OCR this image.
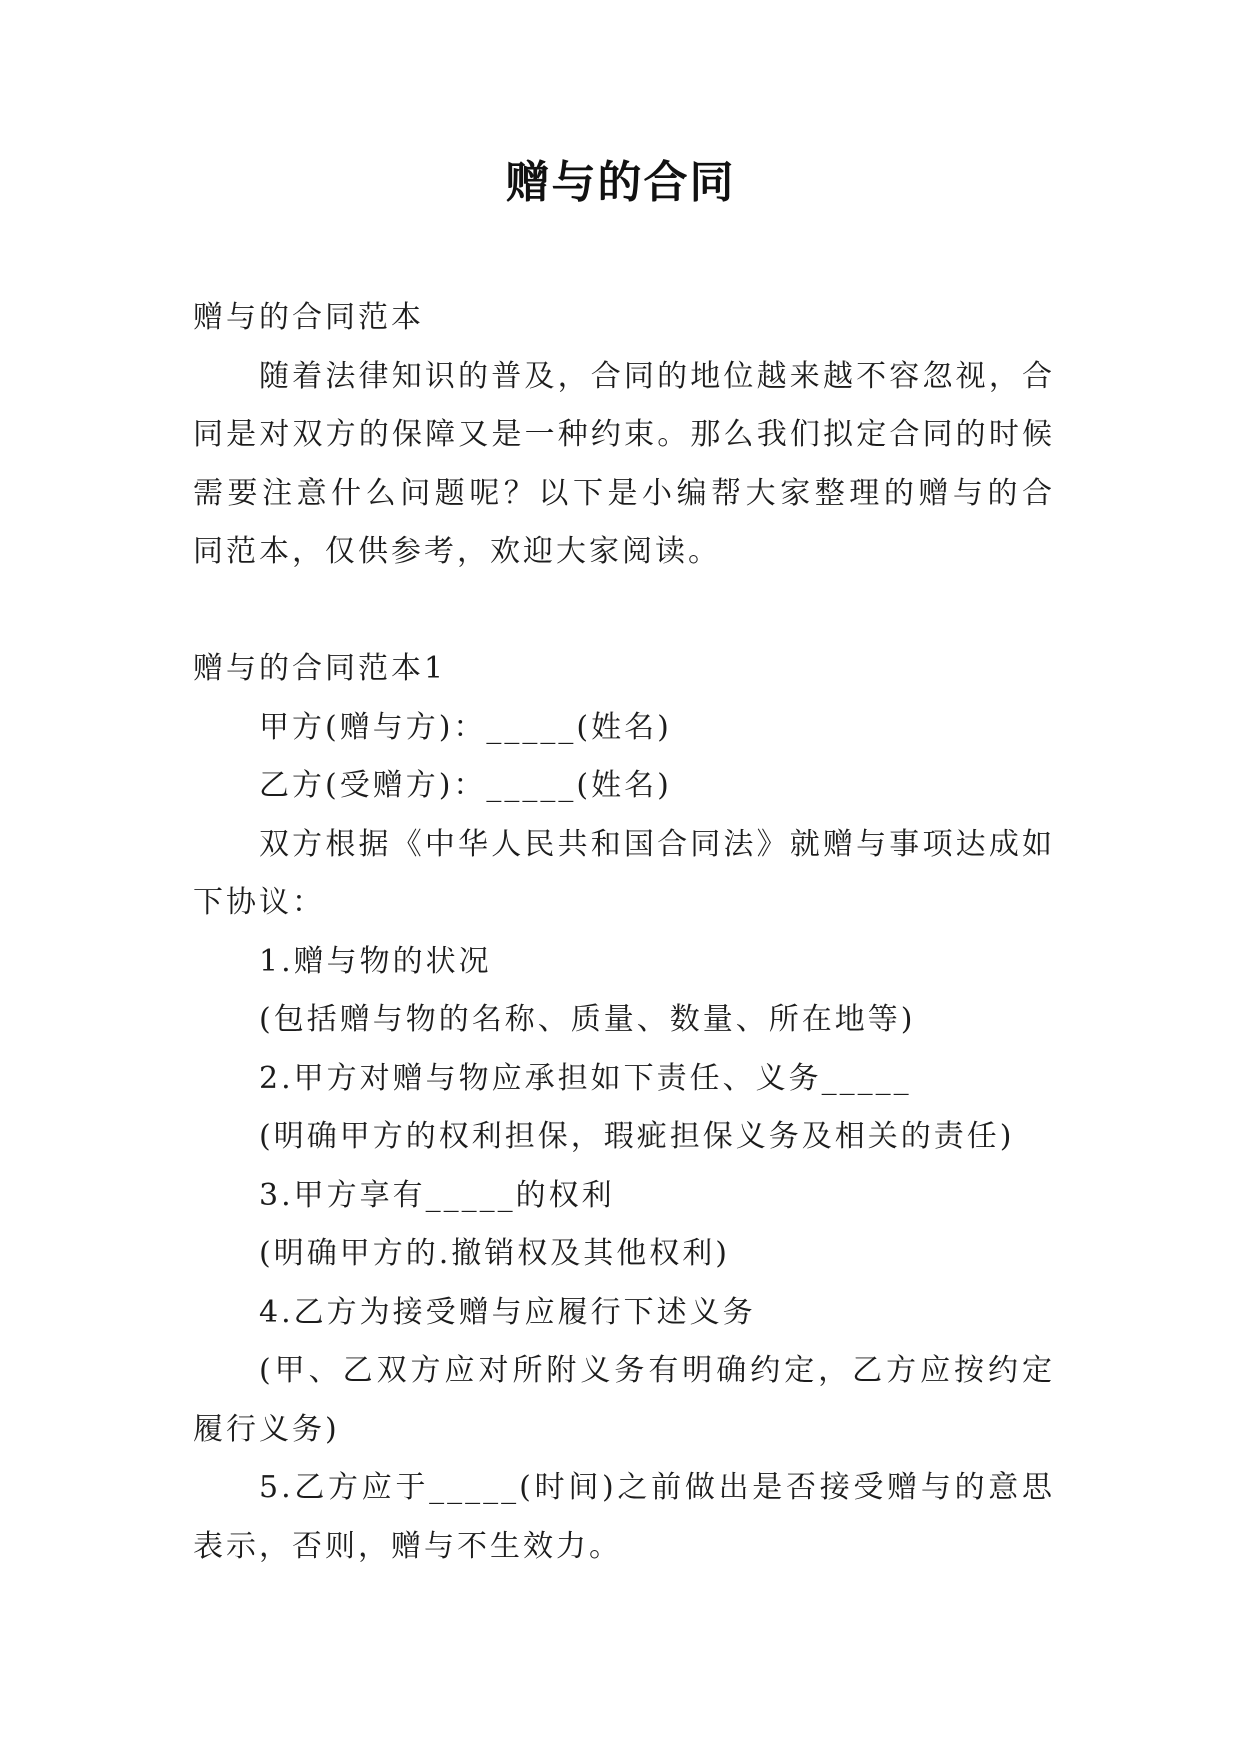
赠与的合同
赠与的合同范本
随着法律知识的普及，合同的地位越来越不容忽视，合
同是对双方的保障又是一种约束。那么我们拟定合同的时候
需要注意什么问题呢？以下是小编帮大家整理的赠与的合
同范本，仅供参考，欢迎大家阅读。
赠与的合同范本1
甲方(赠与方)：_____(姓名)
乙方(受赠方)：_____(姓名)
双方根据《中华人民共和国合同法》就赠与事项达成如
下协议：
1.赠与物的状况
(包括赠与物的名称、质量、数量、所在地等)
2.甲方对赠与物应承担如下责任、义务_____
(明确甲方的权利担保，瑕疵担保义务及相关的责任)
3.甲方享有_____的权利
(明确甲方的.撤销权及其他权利)
4.乙方为接受赠与应履行下述义务
(甲、乙双方应对所附义务有明确约定，乙方应按约定
履行义务)
5.乙方应于_____(时间)之前做出是否接受赠与的意思
表示，否则，赠与不生效力。
